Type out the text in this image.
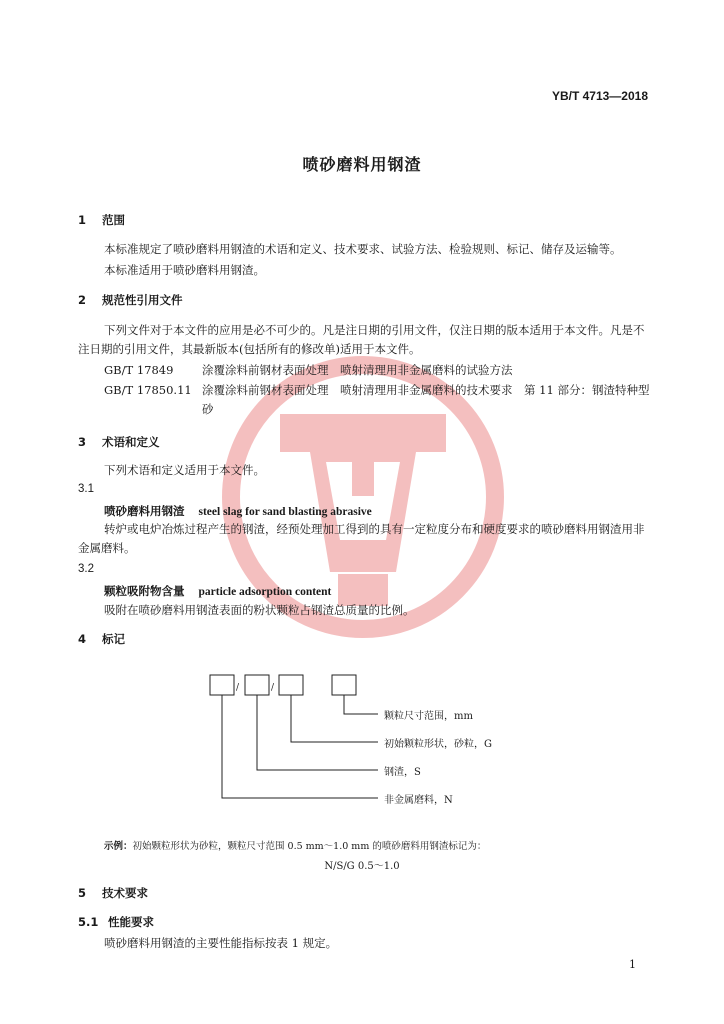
YB/T 4713—2018
喷砂磨料用钢渣
1 范围
本标准规定了喷砂磨料用钢渣的术语和定义、技术要求、试验方法、检验规则、标记、储存及运输等。
本标准适用于喷砂磨料用钢渣。
2 规范性引用文件
下列文件对于本文件的应用是必不可少的。凡是注日期的引用文件，仅注日期的版本适用于本文件。凡是不注日期的引用文件，其最新版本(包括所有的修改单)适用于本文件。
GB/T 17849 涂覆涂料前钢材表面处理　喷射清理用非金属磨料的试验方法
GB/T 17850.11 涂覆涂料前钢材表面处理　喷射清理用非金属磨料的技术要求　第 11 部分：钢渣特种型砂
3 术语和定义
下列术语和定义适用于本文件。
3.1
喷砂磨料用钢渣 steel slag for sand blasting abrasive
转炉或电炉冶炼过程产生的钢渣，经预处理加工得到的具有一定粒度分布和硬度要求的喷砂磨料用钢渣用非金属磨料。
3.2
颗粒吸附物含量 particle adsorption content
吸附在喷砂磨料用钢渣表面的粉状颗粒占钢渣总质量的比例。
4 标记
/	/
颗粒尺寸范围，mm
初始颗粒形状，砂粒，G
钢渣，S
非金属磨料，N
示例：初始颗粒形状为砂粒，颗粒尺寸范围 0.5 mm～1.0 mm 的喷砂磨料用钢渣标记为：
N/S/G 0.5～1.0
5 技术要求
5.1 性能要求
喷砂磨料用钢渣的主要性能指标按表 1 规定。
1
